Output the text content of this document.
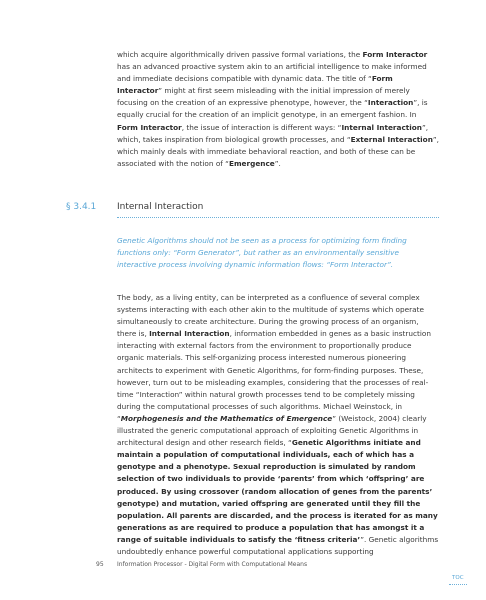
which acquire algorithmically driven passive formal variations, the Form Interactor has an advanced proactive system akin to an artificial intelligence to make informed and immediate decisions compatible with dynamic data. The title of “Form Interactor” might at first seem misleading with the initial impression of merely focusing on the creation of an expressive phenotype, however, the “Interaction”, is equally crucial for the creation of an implicit genotype, in an emergent fashion. In Form Interactor, the issue of interaction is different ways: “Internal Interaction”, which, takes inspiration from biological growth processes, and “External Interaction”, which mainly deals with immediate behavioral reaction, and both of these can be associated with the notion of “Emergence”.

§ 3.4.1 Internal Interaction

Genetic Algorithms should not be seen as a process for optimizing form finding functions only: “Form Generator”, but rather as an environmentally sensitive interactive process involving dynamic information flows: “Form Interactor”.

The body, as a living entity, can be interpreted as a confluence of several complex systems interacting with each other akin to the multitude of systems which operate simultaneously to create architecture. During the growing process of an organism, there is, Internal Interaction, information embedded in genes as a basic instruction interacting with external factors from the environment to proportionally produce organic materials. This self-organizing process interested numerous pioneering architects to experiment with Genetic Algorithms, for form-finding purposes. These, however, turn out to be misleading examples, considering that the processes of real-time “Interaction” within natural growth processes tend to be completely missing during the computational processes of such algorithms. Michael Weinstock, in “Morphogenesis and the Mathematics of Emergence” (Weistock, 2004) clearly illustrated the generic computational approach of exploiting Genetic Algorithms in architectural design and other research fields, “Genetic Algorithms initiate and maintain a population of computational individuals, each of which has a genotype and a phenotype. Sexual reproduction is simulated by random selection of two individuals to provide ‘parents’ from which ‘offspring’ are produced. By using crossover (random allocation of genes from the parents’ genotype) and mutation, varied offspring are generated until they fill the population. All parents are discarded, and the process is iterated for as many generations as are required to produce a population that has amongst it a range of suitable individuals to satisfy the ‘fitness criteria’”. Genetic algorithms undoubtedly enhance powerful computational applications supporting

95 Information Processor - Digital Form with Computational Means
TOC
